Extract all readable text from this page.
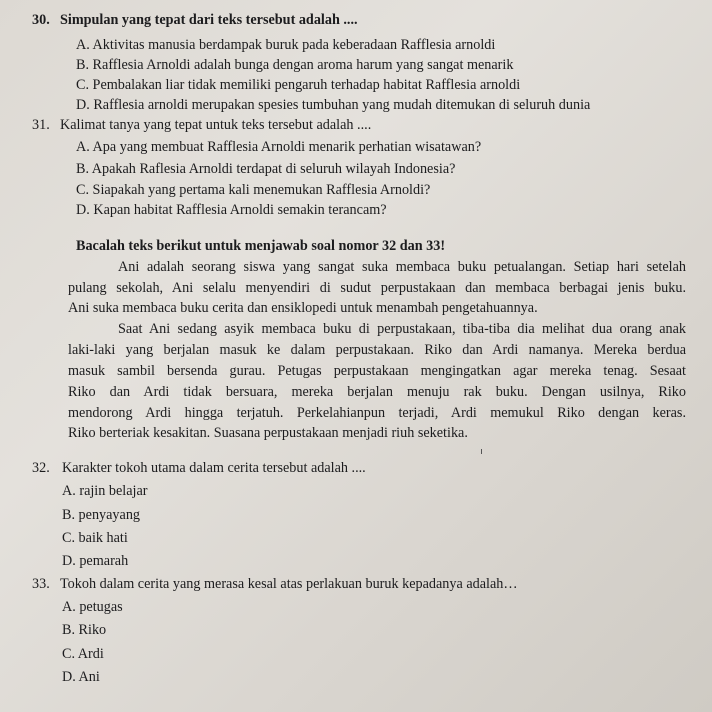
30. Simpulan yang tepat dari teks tersebut adalah ....
A. Aktivitas manusia berdampak buruk pada keberadaan Rafflesia arnoldi
B. Rafflesia Arnoldi adalah bunga dengan aroma harum yang sangat menarik
C. Pembalakan liar tidak memiliki pengaruh terhadap habitat Rafflesia arnoldi
D. Rafflesia arnoldi merupakan spesies tumbuhan yang mudah ditemukan di seluruh dunia
31. Kalimat tanya yang tepat untuk teks tersebut adalah ....
A. Apa yang membuat Rafflesia Arnoldi menarik perhatian wisatawan?
B. Apakah Raflesia Arnoldi terdapat di seluruh wilayah Indonesia?
C. Siapakah yang pertama kali menemukan Rafflesia Arnoldi?
D. Kapan habitat Rafflesia Arnoldi semakin terancam?
Bacalah teks berikut untuk menjawab soal nomor 32 dan 33!
Ani adalah seorang siswa yang sangat suka membaca buku petualangan. Setiap hari setelah
pulang sekolah, Ani selalu menyendiri di sudut perpustakaan dan membaca berbagai jenis buku.
Ani suka membaca buku cerita dan ensiklopedi untuk menambah pengetahuannya.
Saat Ani sedang asyik membaca buku di perpustakaan, tiba-tiba dia melihat dua orang anak
laki-laki yang berjalan masuk ke dalam perpustakaan. Riko dan Ardi namanya. Mereka berdua
masuk sambil bersenda gurau. Petugas perpustakaan mengingatkan agar mereka tenag. Sesaat
Riko dan Ardi tidak bersuara, mereka berjalan menuju rak buku. Dengan usilnya, Riko
mendorong Ardi hingga terjatuh. Perkelahianpun terjadi, Ardi memukul Riko dengan keras.
Riko berteriak kesakitan. Suasana perpustakaan menjadi riuh seketika.
32. Karakter tokoh utama dalam cerita tersebut adalah ....
A. rajin belajar
B. penyayang
C. baik hati
D. pemarah
33. Tokoh dalam cerita yang merasa kesal atas perlakuan buruk kepadanya adalah…
A. petugas
B. Riko
C. Ardi
D. Ani
